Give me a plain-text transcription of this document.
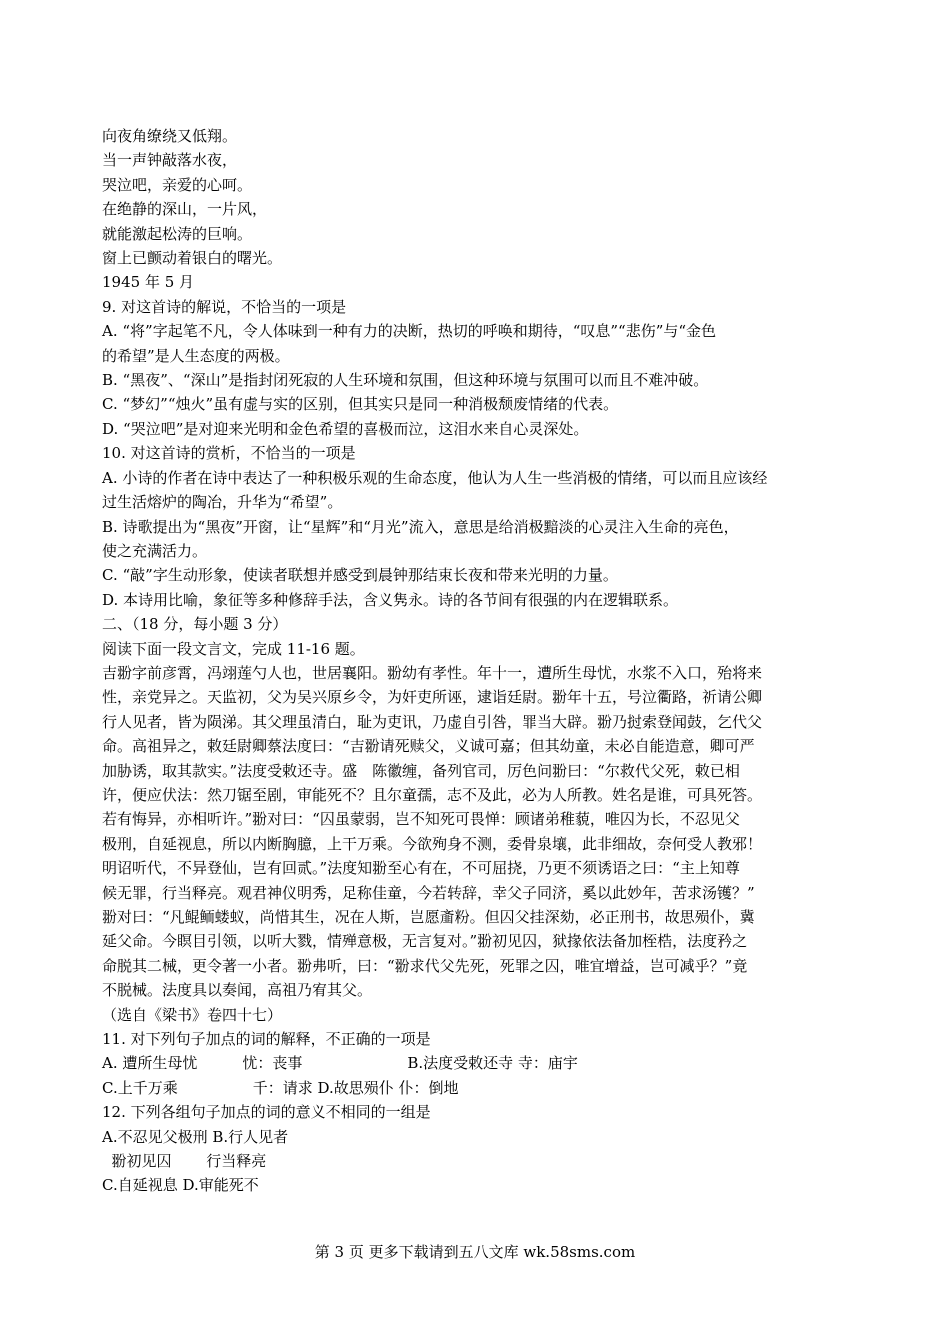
向夜角缭绕又低翔。
当一声钟敲落水夜，
哭泣吧，亲爱的心呵。
在绝静的深山，一片风，
就能激起松涛的巨响。
窗上已颤动着银白的曙光。
1945 年 5 月
9. 对这首诗的解说，不恰当的一项是
A. “将”字起笔不凡，令人体味到一种有力的决断，热切的呼唤和期待，“叹息”“悲伤”与“金色
的希望”是人生态度的两极。
B. “黑夜”、“深山”是指封闭死寂的人生环境和氛围，但这种环境与氛围可以而且不难冲破。
C. “梦幻”“烛火”虽有虚与实的区别，但其实只是同一种消极颓废情绪的代表。
D. “哭泣吧”是对迎来光明和金色希望的喜极而泣，这泪水来自心灵深处。
10. 对这首诗的赏析，不恰当的一项是
A. 小诗的作者在诗中表达了一种积极乐观的生命态度，他认为人生一些消极的情绪，可以而且应该经
过生活熔炉的陶冶，升华为“希望”。
B. 诗歌提出为“黑夜”开窗，让“星辉”和“月光”流入，意思是给消极黯淡的心灵注入生命的亮色，
使之充满活力。
C. “敲”字生动形象，使读者联想并感受到晨钟那结束长夜和带来光明的力量。
D. 本诗用比喻，象征等多种修辞手法，含义隽永。诗的各节间有很强的内在逻辑联系。
二、（18 分，每小题 3 分）
阅读下面一段文言文，完成 11-16 题。
吉翂字前彦霄，冯翊莲勺人也，世居襄阳。翂幼有孝性。年十一，遭所生母忧，水浆不入口，殆将来
性，亲党异之。天监初，父为吴兴原乡令，为奸吏所诬，逮诣廷尉。翂年十五，号泣衢路，祈请公卿
行人见者，皆为陨涕。其父理虽清白，耻为吏讯，乃虚自引咎，罪当大辟。翂乃挝索登闻鼓，乞代父
命。高祖异之，敕廷尉卿蔡法度曰：“吉翂请死赎父，义诚可嘉；但其幼童，未必自能造意，卿可严
加胁诱，取其款实。”法度受敕还寺。盛　陈徽缠，备列官司，厉色问翂曰：“尔救代父死，敕已相
许，便应伏法：然刀锯至剧，审能死不？且尔童孺，志不及此，必为人所教。姓名是谁，可具死答。
若有悔异，亦相听许。”翂对曰：“囚虽蒙弱，岂不知死可畏惮：顾诸弟稚藐，唯囚为长，不忍见父
极刑，自延视息，所以内断胸臆，上干万乘。今欲殉身不测，委骨泉壤，此非细故，奈何受人教邪！
明诏听代，不异登仙，岂有回贰。”法度知翂至心有在，不可屈挠，乃更不须诱语之曰：“主上知尊
候无罪，行当释亮。观君神仪明秀，足称佳童，今若转辞，幸父子同济，奚以此妙年，苦求汤镬？”
翂对曰：“凡鲲鲕蝼蚁，尚惜其生，况在人斯，岂愿齑粉。但囚父挂深劾，必正刑书，故思殒仆，冀
延父命。今瞑目引领，以听大戮，情殚意极，无言复对。”翂初见囚，狱掾依法备加桎梏，法度矜之
命脱其二械，更令著一小者。翂弗听，曰：“翂求代父先死，死罪之囚，唯宜增益，岂可减乎？”竟
不脱械。法度具以奏闻，高祖乃宥其父。
（选自《梁书》卷四十七）
11. 对下列句子加点的词的解释，不正确的一项是
A. 遭所生母忧　　　忧：丧事　　　　　　　B.法度受敕还寺 寺：庙宇
C.上千万乘　　　　　千：请求 D.故思殒仆 仆：倒地
12. 下列各组句子加点的词的意义不相同的一组是
A.不忍见父极刑 B.行人见者
翂初见囚　　 行当释亮
C.自延视息 D.审能死不
第 3 页 更多下载请到五八文库 wk.58sms.com
